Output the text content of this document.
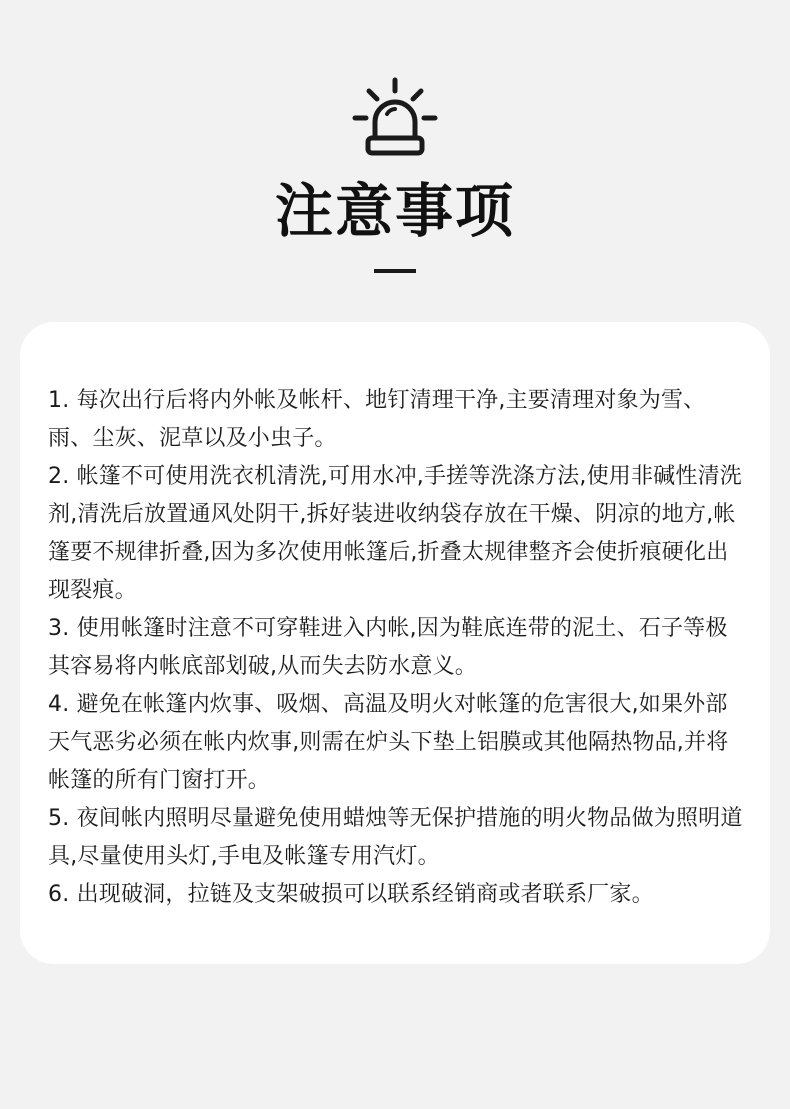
注意事项
1. 每次出行后将内外帐及帐杆、地钉清理干净,主要清理对象为雪、雨、尘灰、泥草以及小虫子。
2. 帐篷不可使用洗衣机清洗,可用水冲,手搓等洗涤方法,使用非碱性清洗剂,清洗后放置通风处阴干,拆好装进收纳袋存放在干燥、阴凉的地方,帐篷要不规律折叠,因为多次使用帐篷后,折叠太规律整齐会使折痕硬化出现裂痕。
3. 使用帐篷时注意不可穿鞋进入内帐,因为鞋底连带的泥土、石子等极其容易将内帐底部划破,从而失去防水意义。
4. 避免在帐篷内炊事、吸烟、高温及明火对帐篷的危害很大,如果外部天气恶劣必须在帐内炊事,则需在炉头下垫上铝膜或其他隔热物品,并将帐篷的所有门窗打开。
5. 夜间帐内照明尽量避免使用蜡烛等无保护措施的明火物品做为照明道具,尽量使用头灯,手电及帐篷专用汽灯。
6. 出现破洞，拉链及支架破损可以联系经销商或者联系厂家。
